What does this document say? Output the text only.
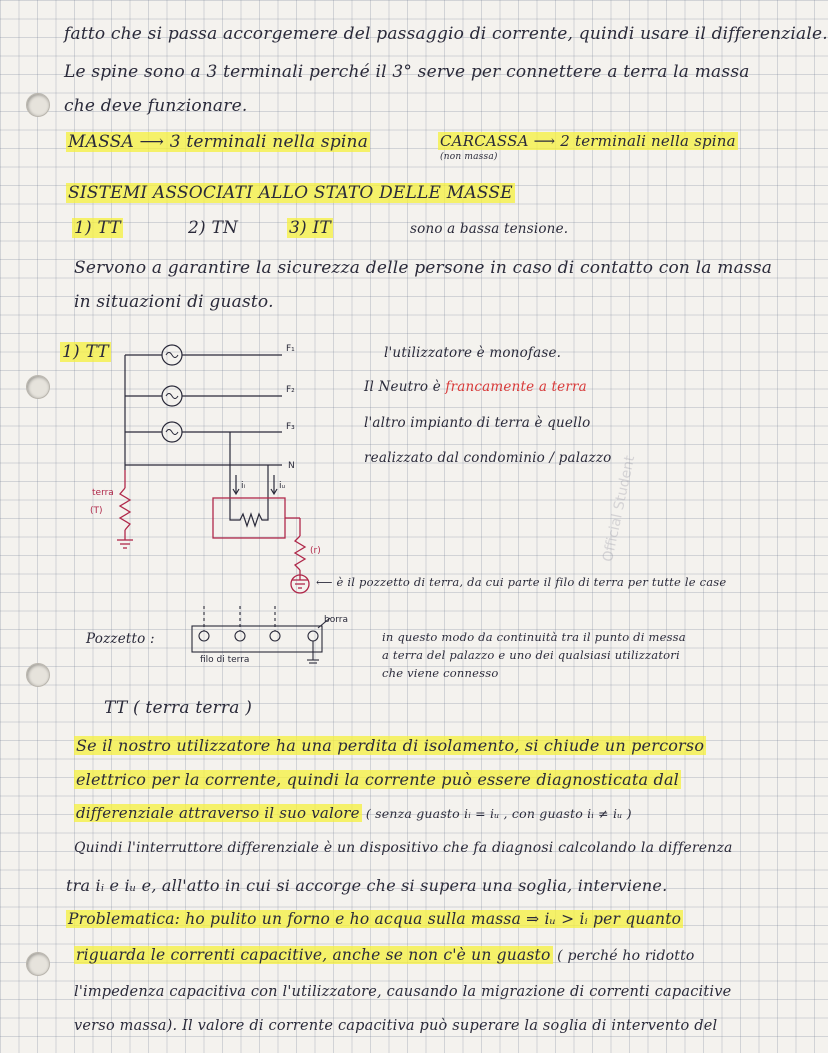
Official Student
fatto che si passa accorgemere del passaggio di corrente, quindi usare il differenziale.
Le spine sono a 3 terminali perché il 3° serve per connettere a terra la massa
che deve funzionare.
MASSA ⟶ 3 terminali nella spina	CARCASSA ⟶ 2 terminali nella spina
(non massa)
SISTEMI ASSOCIATI ALLO STATO DELLE MASSE
1) TT	2) TN	3) IT	sono a bassa tensione.
Servono a garantire la sicurezza delle persone in caso di contatto con la massa
in situazioni di guasto.
1) TT	F₁
F₂
F₃
N
iᵢ	iᵤ
terra
(T)
(r)
borra
filo di terra
l'utilizzatore è monofase.
Il Neutro è francamente a terra
l'altro impianto di terra è quello
realizzato dal condominio / palazzo
⟵ è il pozzetto di terra, da cui parte il filo di terra per tutte le case
Pozzetto :	in questo modo da continuità tra il punto di messa
a terra del palazzo e uno dei qualsiasi utilizzatori
che viene connesso
TT ( terra terra )
Se il nostro utilizzatore ha una perdita di isolamento, si chiude un percorso
elettrico per la corrente, quindi la corrente può essere diagnosticata dal
differenziale attraverso il suo valore ( senza guasto iᵢ = iᵤ , con guasto iᵢ ≠ iᵤ )
Quindi l'interruttore differenziale è un dispositivo che fa diagnosi calcolando la differenza
tra iᵢ e iᵤ e, all'atto in cui si accorge che si supera una soglia, interviene.
Problematica: ho pulito un forno e ho acqua sulla massa ⇒ iᵤ > iᵢ per quanto
riguarda le correnti capacitive, anche se non c'è un guasto ( perché ho ridotto
l'impedenza capacitiva con l'utilizzatore, causando la migrazione di correnti capacitive
verso massa). Il valore di corrente capacitiva può superare la soglia di intervento del
